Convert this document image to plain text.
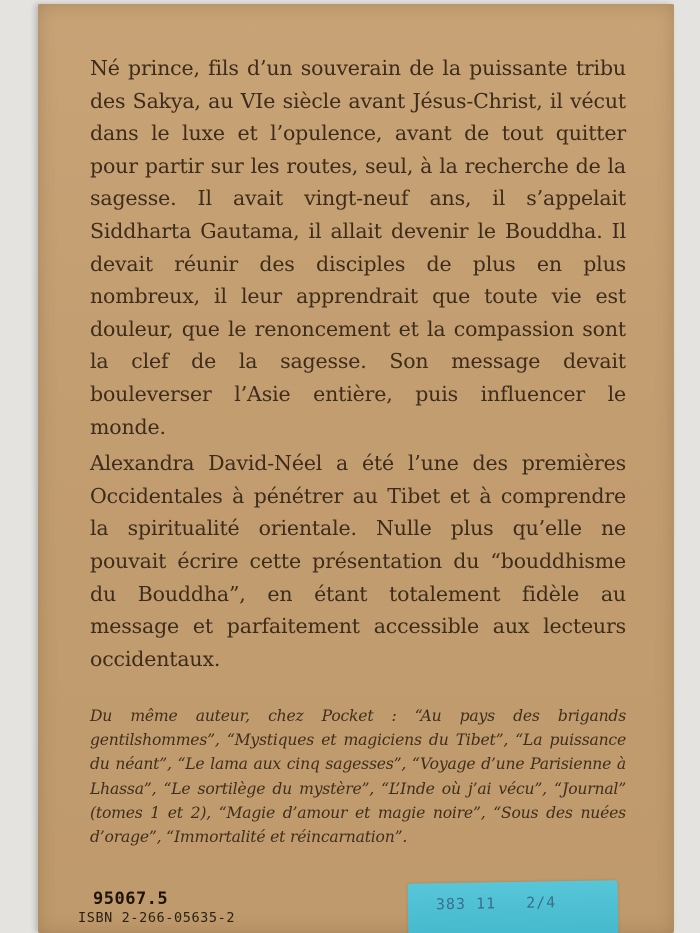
Né prince, fils d’un souverain de la puissante tribu des Sakya, au VIe siècle avant Jésus-Christ, il vécut dans le luxe et l’opulence, avant de tout quitter pour partir sur les routes, seul, à la recherche de la sagesse. Il avait vingt-neuf ans, il s’appelait Siddharta Gautama, il allait devenir le Bouddha. Il devait réunir des disciples de plus en plus nombreux, il leur apprendrait que toute vie est douleur, que le renoncement et la compassion sont la clef de la sagesse. Son message devait bouleverser l’Asie entière, puis influencer le monde.

Alexandra David-Néel a été l’une des premières Occidentales à pénétrer au Tibet et à comprendre la spiritualité orientale. Nulle plus qu’elle ne pouvait écrire cette présentation du “bouddhisme du Bouddha”, en étant totalement fidèle au message et parfaitement accessible aux lecteurs occidentaux.

Du même auteur, chez Pocket : “Au pays des brigands gentilshommes”, “Mystiques et magiciens du Tibet”, “La puissance du néant”, “Le lama aux cinq sagesses”, “Voyage d’une Parisienne à Lhassa”, “Le sortilège du mystère”, “L’Inde où j’ai vécu”, “Journal” (tomes 1 et 2), “Magie d’amour et magie noire”, “Sous des nuées d’orage”, “Immortalité et réincarnation”.
383 11   2/4
95067.5
ISBN 2-266-05635-2
